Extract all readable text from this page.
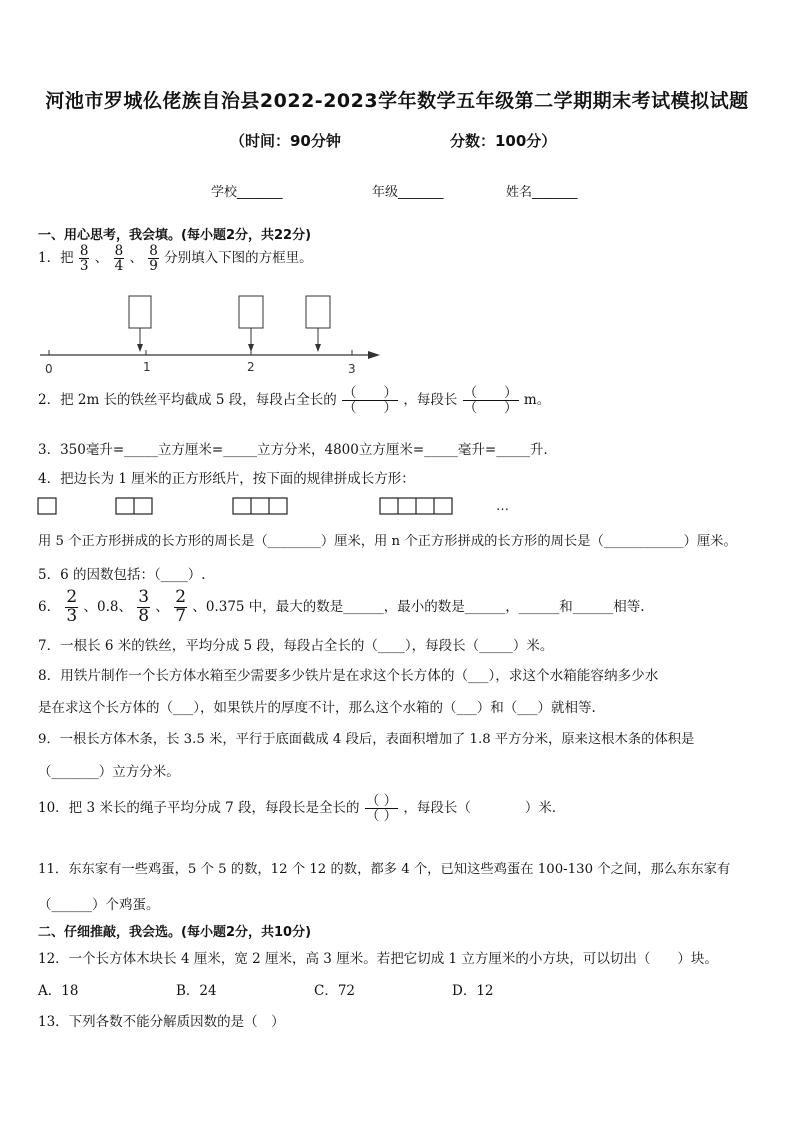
河池市罗城仫佬族自治县2022-2023学年数学五年级第二学期期末考试模拟试题
（时间：90分钟	分数：100分）
学校_______	年级_______	姓名_______
一、用心思考，我会填。(每小题2分，共22分)
1．把 $\frac{8}{3}$ 、 $\frac{8}{4}$ 、 $\frac{8}{9}$ 分别填入下图的方框里。
0	1	2	3
2．把 2m 长的铁丝平均截成 5 段，每段占全长的 $\frac{( )}{( )}$ ，每段长 $\frac{( )}{( )}$ m。
3．350毫升=_____立方厘米=_____立方分米，4800立方厘米=_____毫升=_____升．
4．把边长为 1 厘米的正方形纸片，按下面的规律拼成长方形：
…
用 5 个正方形拼成的长方形的周长是（________）厘米，用 n 个正方形拼成的长方形的周长是（____________）厘米。
5．6 的因数包括：（____）.
6． $\frac{2}{3}$ 、0.8、 $\frac{3}{8}$ 、 $\frac{2}{7}$ 、0.375 中，最大的数是______，最小的数是______，______和______相等.
7．一根长 6 米的铁丝，平均分成 5 段，每段占全长的（____），每段长（_____）米。
8．用铁片制作一个长方体水箱至少需要多少铁片是在求这个长方体的（___），求这个水箱能容纳多少水
是在求这个长方体的（___），如果铁片的厚度不计，那么这个水箱的（___）和（___）就相等.
9．一根长方体木条，长 3.5 米，平行于底面截成 4 段后，表面积增加了 1.8 平方分米，原来这根木条的体积是
（_______）立方分米。
10．把 3 米长的绳子平均分成 7 段，每段长是全长的 $\frac{( )}{( )}$ ，每段长（　　　　）米．
11．东东家有一些鸡蛋，5 个 5 的数，12 个 12 的数，都多 4 个，已知这些鸡蛋在 100-130 个之间，那么东东家有
（______）个鸡蛋。
二、仔细推敲，我会选。(每小题2分，共10分)
12．一个长方体木块长 4 厘米，宽 2 厘米，高 3 厘米。若把它切成 1 立方厘米的小方块，可以切出（　　）块。
A．18	B．24	C．72	D．12
13．下列各数不能分解质因数的是（　）
